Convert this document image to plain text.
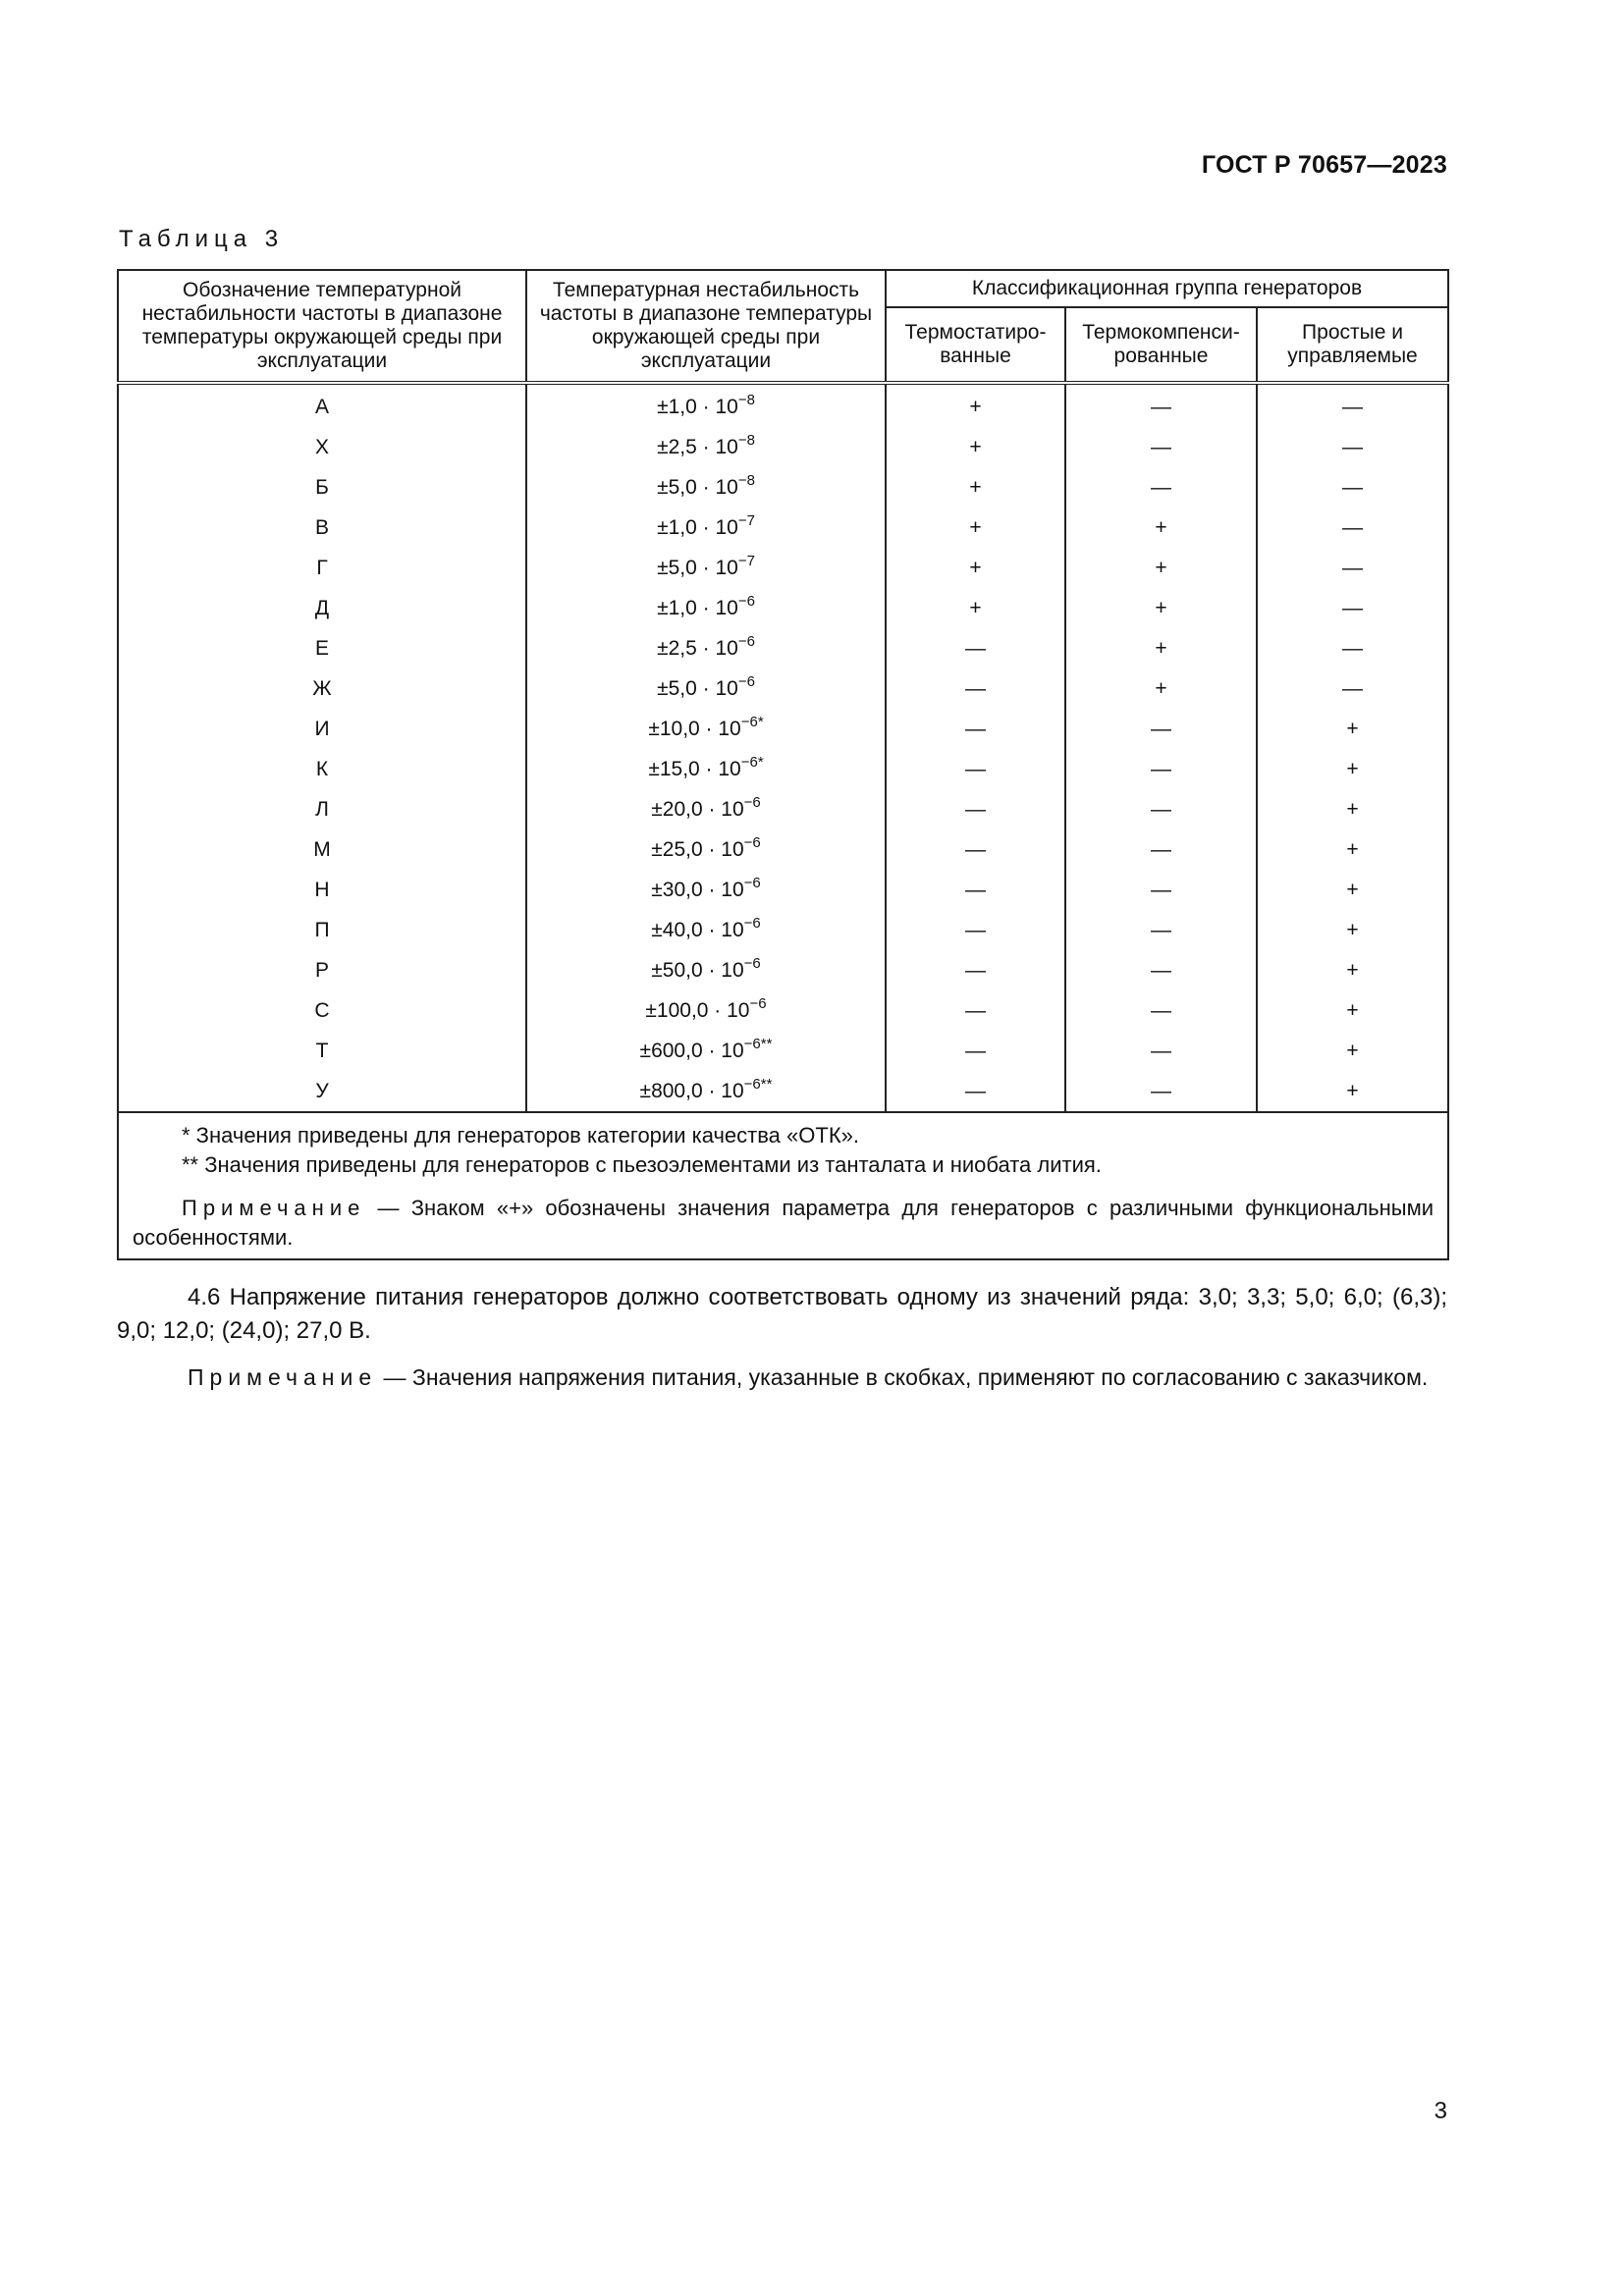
ГОСТ Р 70657—2023
Таблица 3
Обозначение температурной нестабильности частоты в диапазоне температуры окружающей среды при эксплуатации	Температурная нестабильность частоты в диапазоне температуры окружающей среды при эксплуатации	Классификационная группа генераторов		
		Термостатиро-ванные	Термокомпенси-рованные	Простые и управляемые
А	$\pm 1,0 \cdot 10^{-8}$	+	—	—
Х	$\pm 2,5 \cdot 10^{-8}$	+	—	—
Б	$\pm 5,0 \cdot 10^{-8}$	+	—	—
В	$\pm 1,0 \cdot 10^{-7}$	+	+	—
Г	$\pm 5,0 \cdot 10^{-7}$	+	+	—
Д	$\pm 1,0 \cdot 10^{-6}$	+	+	—
Е	$\pm 2,5 \cdot 10^{-6}$	—	+	—
Ж	$\pm 5,0 \cdot 10^{-6}$	—	+	—
И	$\pm 10,0 \cdot 10^{-6*}$	—	—	+
К	$\pm 15,0 \cdot 10^{-6*}$	—	—	+
Л	$\pm 20,0 \cdot 10^{-6}$	—	—	+
М	$\pm 25,0 \cdot 10^{-6}$	—	—	+
Н	$\pm 30,0 \cdot 10^{-6}$	—	—	+
П	$\pm 40,0 \cdot 10^{-6}$	—	—	+
Р	$\pm 50,0 \cdot 10^{-6}$	—	—	+
С	$\pm 100,0 \cdot 10^{-6}$	—	—	+
Т	$\pm 600,0 \cdot 10^{-6**}$	—	—	+
У	$\pm 800,0 \cdot 10^{-6**}$	—	—	+

* Значения приведены для генераторов категории качества «ОТК».
** Значения приведены для генераторов с пьезоэлементами из танталата и ниобата лития.
Примечание — Знаком «+» обозначены значения параметра для генераторов с различными функциональными особенностями.				
4.6 Напряжение питания генераторов должно соответствовать одному из значений ряда: 3,0; 3,3; 5,0; 6,0; (6,3); 9,0; 12,0; (24,0); 27,0 В.
Примечание — Значения напряжения питания, указанные в скобках, применяют по согласованию с заказчиком.
3
